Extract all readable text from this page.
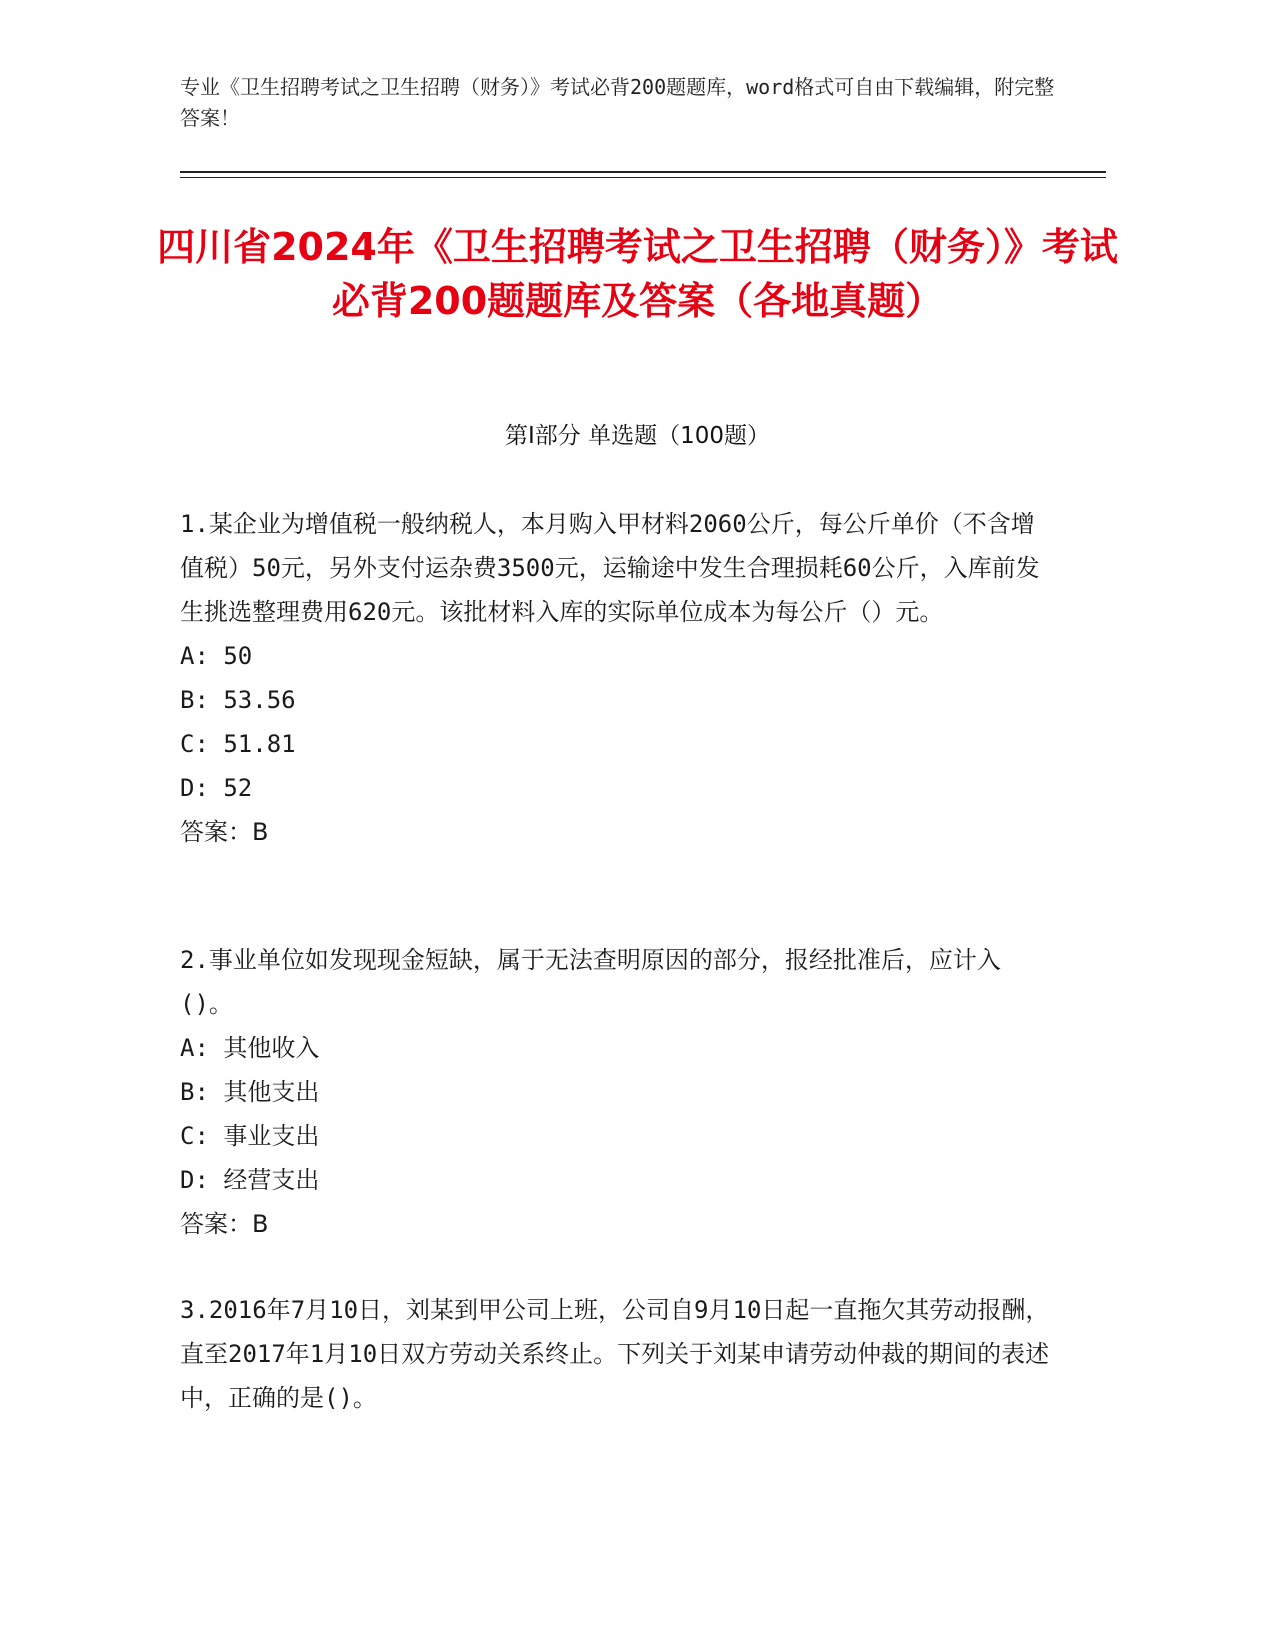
专业《卫生招聘考试之卫生招聘（财务）》考试必背200题题库，word格式可自由下载编辑，附完整答案！
四川省2024年《卫生招聘考试之卫生招聘（财务）》考试必背200题题库及答案（各地真题）
第I部分 单选题（100题）

1.某企业为增值税一般纳税人，本月购入甲材料2060公斤，每公斤单价（不含增值税）50元，另外支付运杂费3500元，运输途中发生合理损耗60公斤，入库前发生挑选整理费用620元。该批材料入库的实际单位成本为每公斤（）元。

A: 50

B: 53.56

C: 51.81

D: 52

答案：B

2.事业单位如发现现金短缺，属于无法查明原因的部分，报经批准后，应计入()。

A: 其他收入

B: 其他支出

C: 事业支出

D: 经营支出

答案：B

3.2016年7月10日，刘某到甲公司上班，公司自9月10日起一直拖欠其劳动报酬，直至2017年1月10日双方劳动关系终止。下列关于刘某申请劳动仲裁的期间的表述中，正确的是()。
